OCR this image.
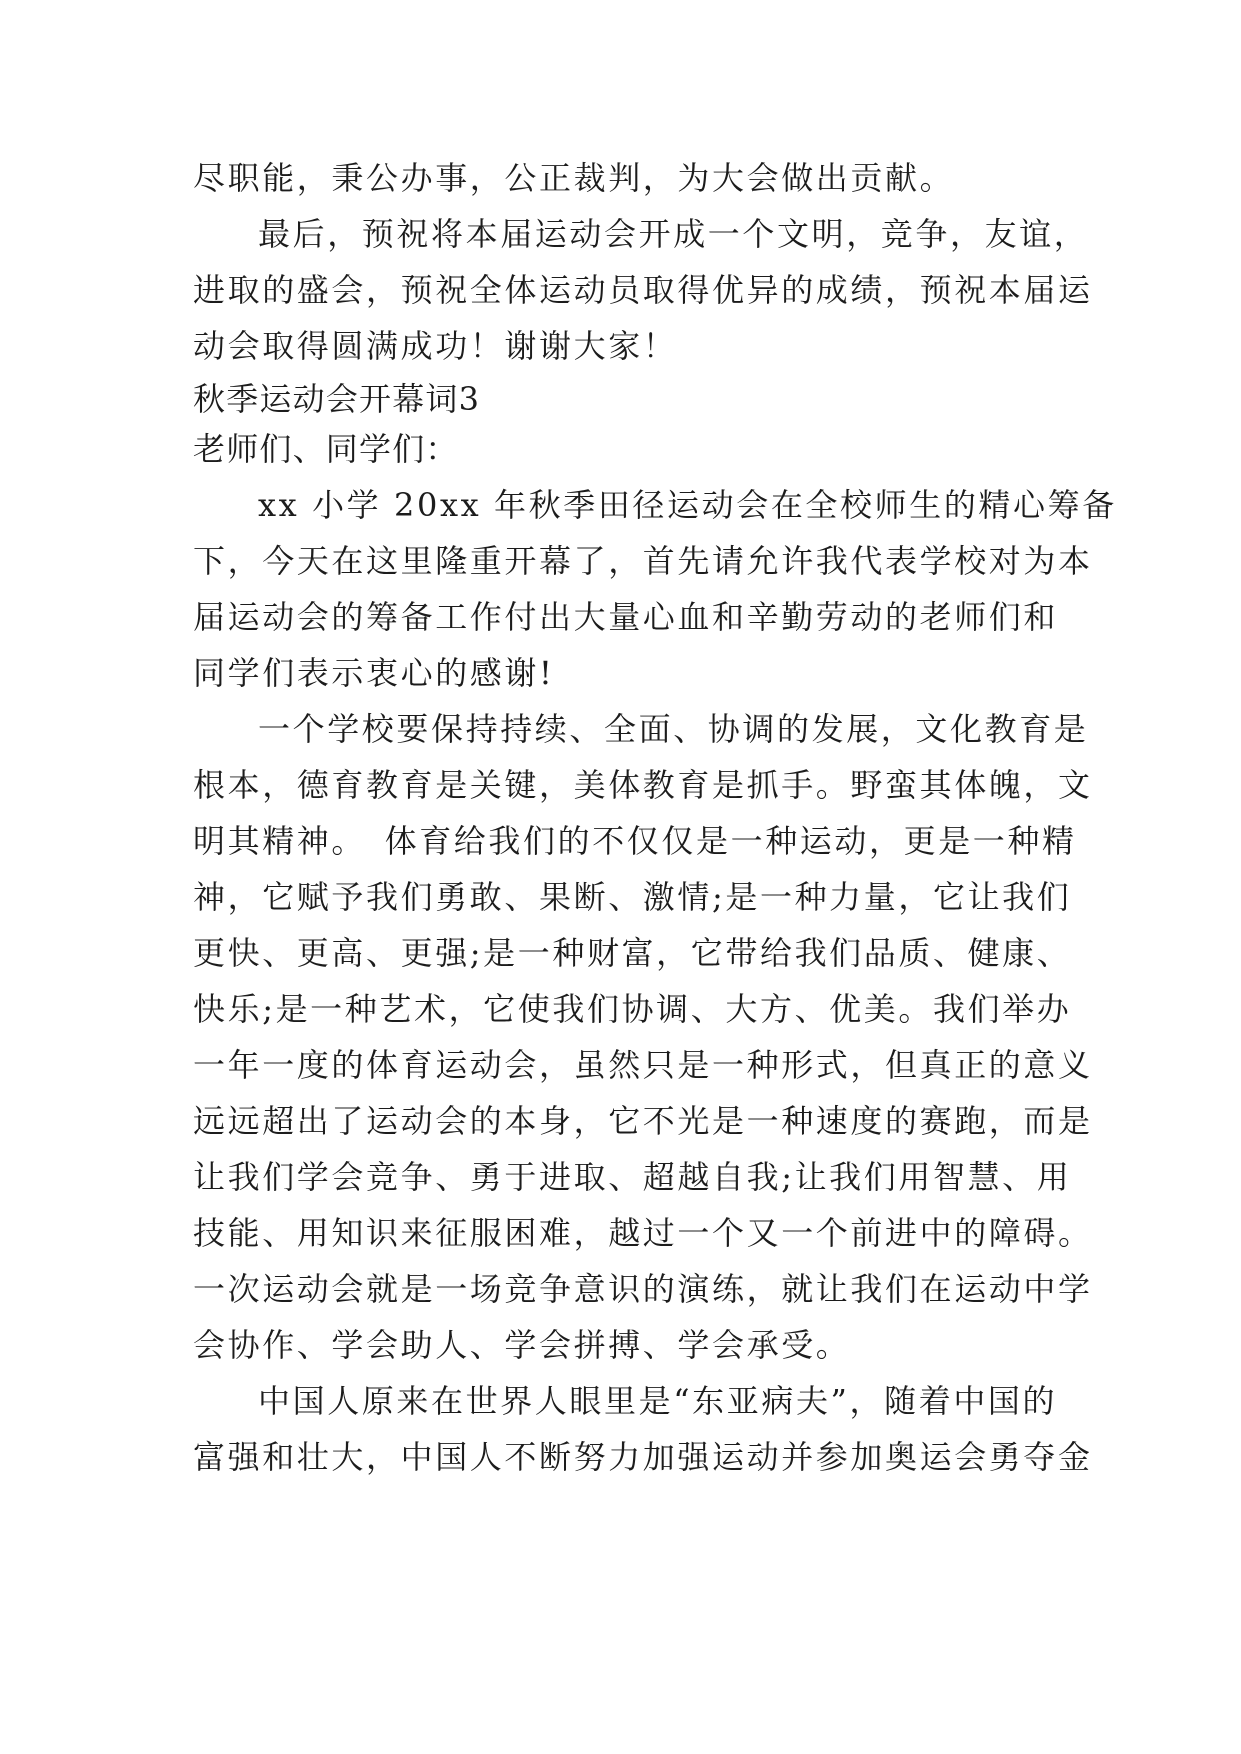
尽职能，秉公办事，公正裁判，为大会做出贡献。
最后，预祝将本届运动会开成一个文明，竞争，友谊，
进取的盛会，预祝全体运动员取得优异的成绩，预祝本届运
动会取得圆满成功！谢谢大家！
秋季运动会开幕词3
老师们、同学们：
xx 小学 20xx 年秋季田径运动会在全校师生的精心筹备
下，今天在这里隆重开幕了，首先请允许我代表学校对为本
届运动会的筹备工作付出大量心血和辛勤劳动的老师们和
同学们表示衷心的感谢!
一个学校要保持持续、全面、协调的发展，文化教育是
根本，德育教育是关键，美体教育是抓手。野蛮其体魄，文
明其精神。　体育给我们的不仅仅是一种运动，更是一种精
神，它赋予我们勇敢、果断、激情;是一种力量，它让我们
更快、更高、更强;是一种财富，它带给我们品质、健康、
快乐;是一种艺术，它使我们协调、大方、优美。我们举办
一年一度的体育运动会，虽然只是一种形式，但真正的意义
远远超出了运动会的本身，它不光是一种速度的赛跑，而是
让我们学会竞争、勇于进取、超越自我;让我们用智慧、用
技能、用知识来征服困难，越过一个又一个前进中的障碍。
一次运动会就是一场竞争意识的演练，就让我们在运动中学
会协作、学会助人、学会拼搏、学会承受。
中国人原来在世界人眼里是“东亚病夫”，随着中国的
富强和壮大，中国人不断努力加强运动并参加奥运会勇夺金
